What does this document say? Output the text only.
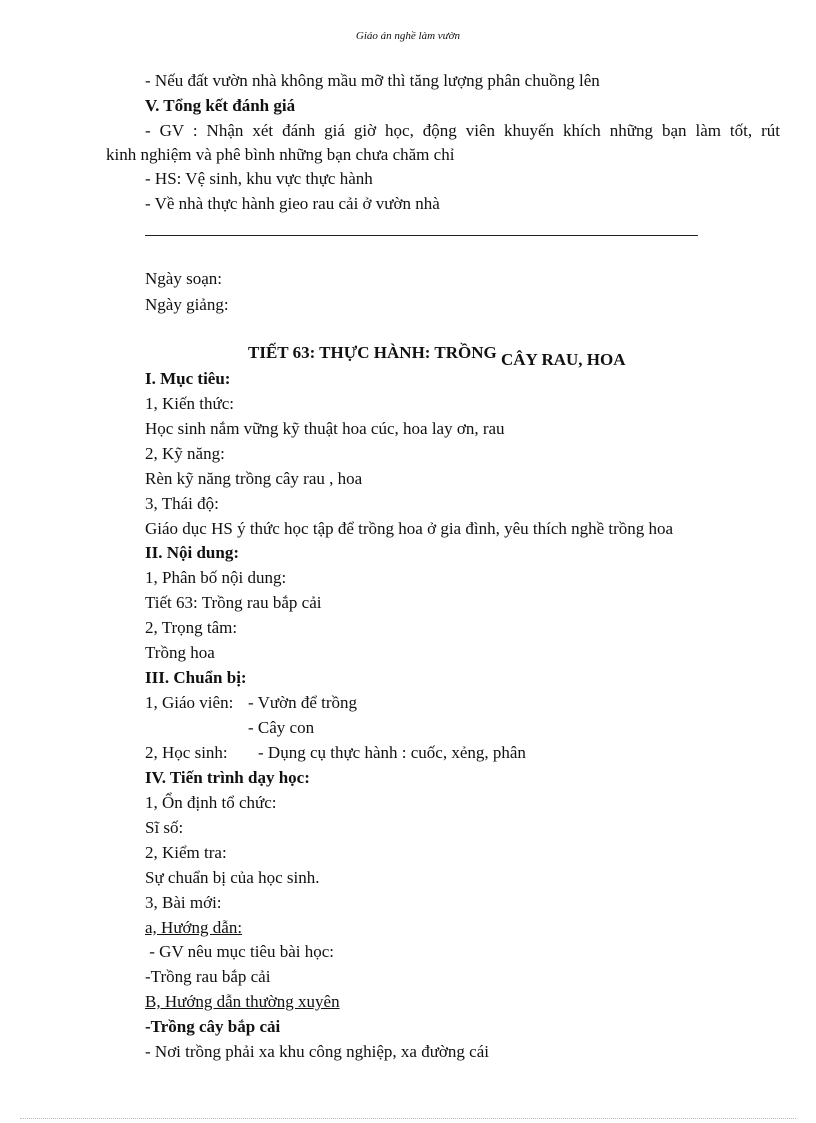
Giáo án nghề làm vườn
- Nếu đất vườn nhà không mầu mỡ thì tăng lượng phân chuồng lên
V. Tổng kết đánh giá
- GV : Nhận xét đánh giá giờ học, động viên khuyến khích những bạn làm tốt, rút
kinh nghiệm và phê bình những bạn chưa chăm chỉ
- HS: Vệ sinh, khu vực thực hành
- Về nhà thực hành gieo rau cải ở vườn nhà
Ngày soạn:
Ngày giảng:
TIẾT 63: THỰC HÀNH: TRỒNG CÂY RAU, HOA
I. Mục tiêu:
1, Kiến thức:
Học sinh nắm vững kỹ thuật hoa cúc, hoa lay ơn, rau
2, Kỹ năng:
Rèn kỹ năng trồng cây rau , hoa
3, Thái độ:
Giáo dục HS ý thức học tập để trồng hoa ở gia đình, yêu thích nghề trồng hoa
II. Nội dung:
1, Phân bố nội dung:
Tiết 63: Trồng rau bắp cải
2, Trọng tâm:
Trồng hoa
III. Chuẩn bị:
1, Giáo viên: - Vườn để trồng
- Cây con
2, Học sinh: - Dụng cụ thực hành : cuốc, xẻng, phân
IV. Tiến trình dạy học:
1, Ổn định tổ chức:
Sĩ số:
2, Kiểm tra:
Sự chuẩn bị của học sinh.
3, Bài mới:
a, Hướng dẫn:
- GV nêu mục tiêu bài học:
-Trồng rau bắp cải
B, Hướng dẫn thường xuyên
-Trồng cây bắp cải
- Nơi trồng phải xa khu công nghiệp, xa đường cái
